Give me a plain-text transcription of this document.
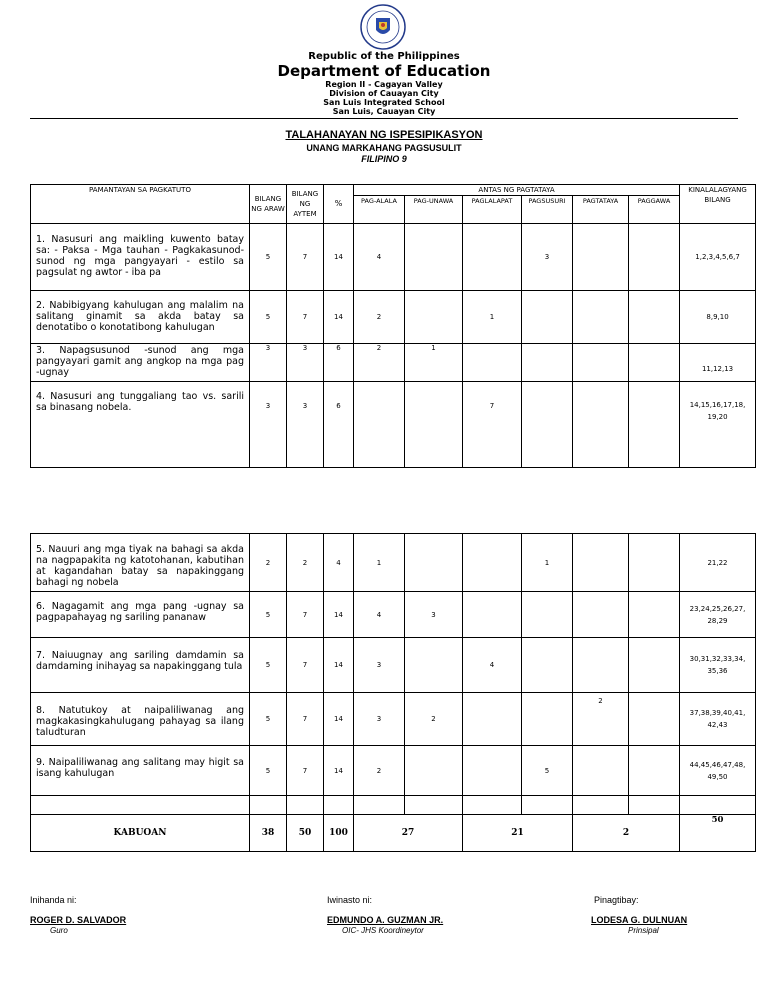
Republic of the Philippines
Department of Education
Region II - Cagayan Valley
Division of Cauayan City
San Luis Integrated School
San Luis, Cauayan City
TALAHANAYAN NG ISPESIPIKASYON
UNANG MARKAHANG PAGSUSULIT
FILIPINO 9
PAMANTAYAN SA PAGKATUTO	BILANG NG ARAW	BILANG NG AYTEM	%	ANTAS NG PAGTATAYA						KINALALAGYANG BILANG
				PAG-ALALA	PAG-UNAWA	PAGLALAPAT	PAGSUSURI	PAGTATAYA	PAGGAWA	
1. Nasusuri ang maikling kuwento batay sa: - Paksa - Mga tauhan - Pagkakasunod-sunod ng mga pangyayari - estilo sa pagsulat ng awtor - iba pa	5	7	14	4			3			1,2,3,4,5,6,7
2. Nabibigyang kahulugan ang malalim na salitang ginamit sa akda batay sa denotatibo o konotatibong kahulugan	5	7	14	2		1				8,9,10
3. Napagsusunod -sunod ang mga pangyayari gamit ang angkop na mga pag -ugnay	3	3	6	2	1					11,12,13
4. Nasusuri ang tunggaliang tao vs. sarili sa binasang nobela.	3	3	6			7				14,15,16,17,18, 19,20
5. Nauuri ang mga tiyak na bahagi sa akda na nagpapakita ng katotohanan, kabutihan at kagandahan batay sa napakinggang bahagi ng nobela	2	2	4	1			1			21,22
6. Nagagamit ang mga pang -ugnay sa pagpapahayag ng sariling pananaw	5	7	14	4	3					23,24,25,26,27, 28,29
7. Naiuugnay ang sariling damdamin sa damdaming inihayag sa napakinggang tula	5	7	14	3		4				30,31,32,33,34, 35,36
8. Natutukoy at naipaliliwanag ang magkakasingkahulugang pahayag sa ilang taludturan	5	7	14	3	2			2		37,38,39,40,41, 42,43
9. Naipaliliwanag ang salitang may higit sa isang kahulugan	5	7	14	2			5			44,45,46,47,48, 49,50

KABUOAN	38	50	100	27		21		2		50
Inihanda ni:
ROGER D. SALVADOR
Guro
Iwinasto ni:
EDMUNDO A. GUZMAN JR.
OIC- JHS Koordineytor
Pinagtibay:
LODESA G. DULNUAN
Prinsipal
